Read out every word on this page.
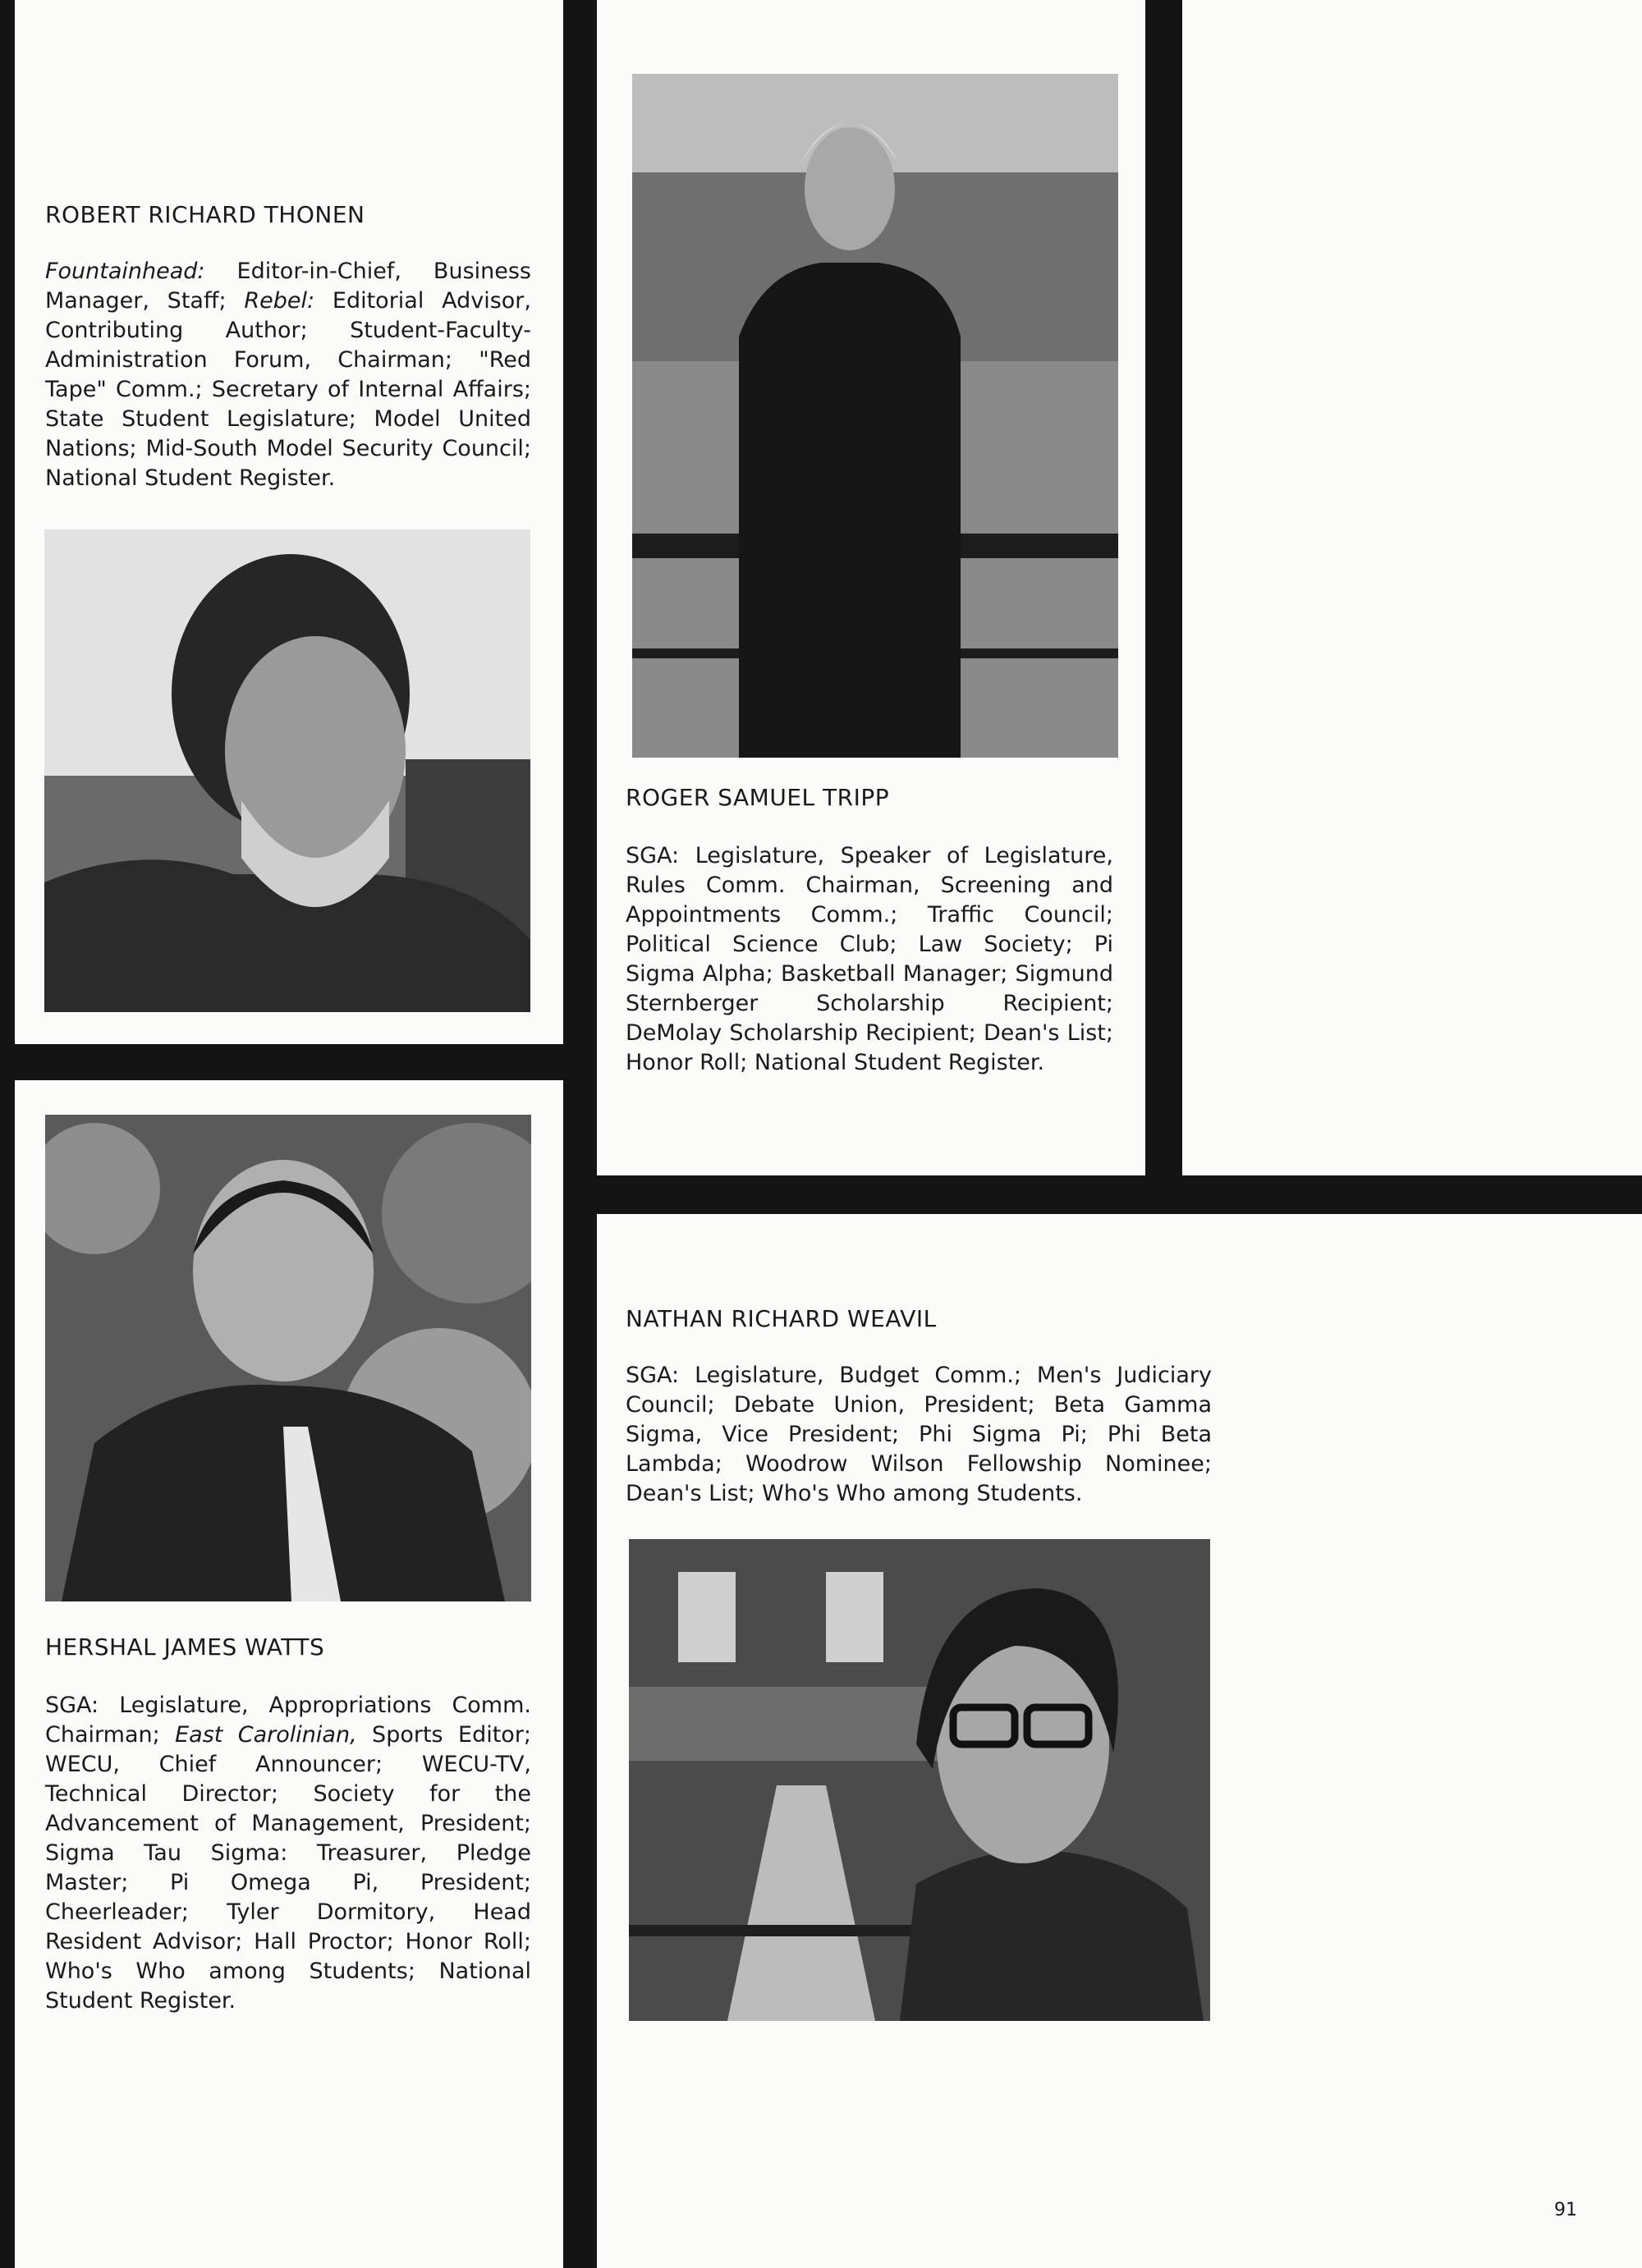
ROBERT RICHARD THONEN

Fountainhead: Editor-in-Chief, Business Manager, Staff; Rebel: Editorial Advisor, Contributing Author; Student-Faculty-Administration Forum, Chairman; "Red Tape" Comm.; Secretary of Internal Affairs; State Student Legislature; Model United Nations; Mid-South Model Security Council; National Student Register.

ROGER SAMUEL TRIPP

SGA: Legislature, Speaker of Legislature, Rules Comm. Chairman, Screening and Appointments Comm.; Traffic Council; Political Science Club; Law Society; Pi Sigma Alpha; Basketball Manager; Sigmund Sternberger Scholarship Recipient; DeMolay Scholarship Recipient; Dean's List; Honor Roll; National Student Register.

HERSHAL JAMES WATTS

SGA: Legislature, Appropriations Comm. Chairman; East Carolinian, Sports Editor; WECU, Chief Announcer; WECU-TV, Technical Director; Society for the Advancement of Management, President; Sigma Tau Sigma: Treasurer, Pledge Master; Pi Omega Pi, President; Cheerleader; Tyler Dormitory, Head Resident Advisor; Hall Proctor; Honor Roll; Who's Who among Students; National Student Register.

NATHAN RICHARD WEAVIL

SGA: Legislature, Budget Comm.; Men's Judiciary Council; Debate Union, President; Beta Gamma Sigma, Vice President; Phi Sigma Pi; Phi Beta Lambda; Woodrow Wilson Fellowship Nominee; Dean's List; Who's Who among Students.

91
